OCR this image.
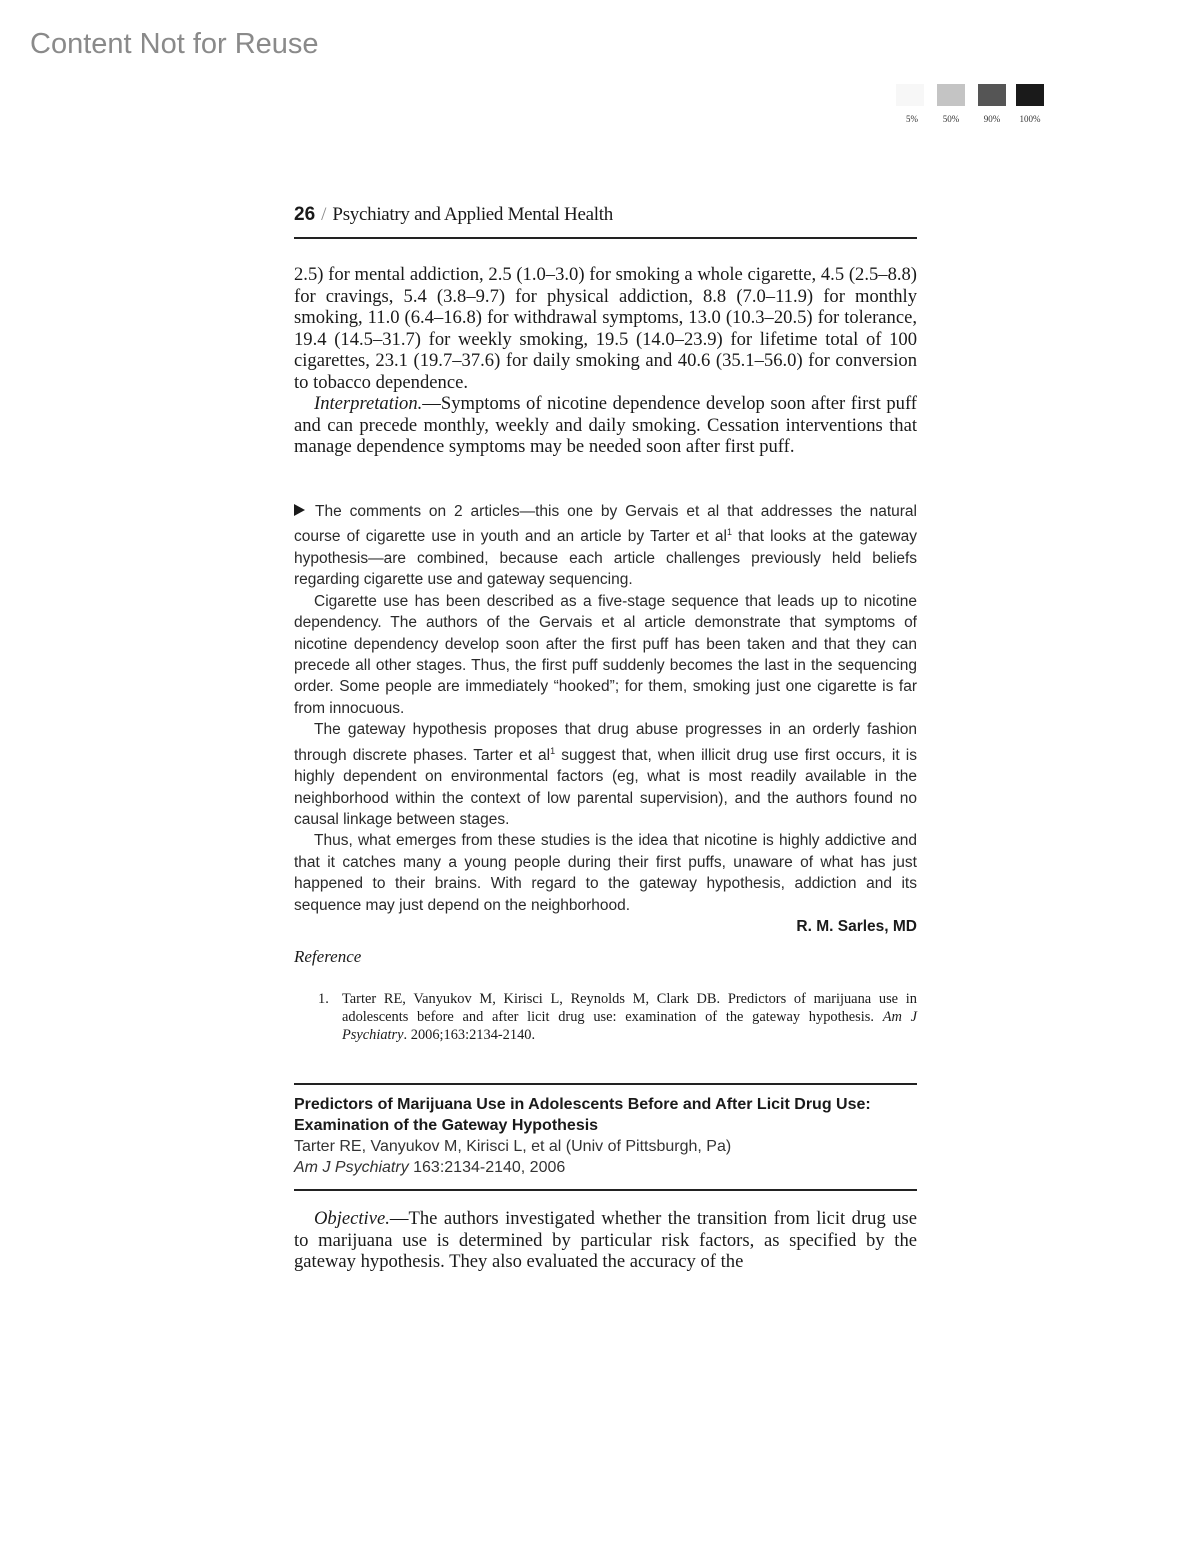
Content Not for Reuse
5%	50%	90%	100%
26 / Psychiatry and Applied Mental Health

2.5) for mental addiction, 2.5 (1.0–3.0) for smoking a whole cigarette, 4.5 (2.5–8.8) for cravings, 5.4 (3.8–9.7) for physical addiction, 8.8 (7.0–11.9) for monthly smoking, 11.0 (6.4–16.8) for withdrawal symptoms, 13.0 (10.3–20.5) for tolerance, 19.4 (14.5–31.7) for weekly smoking, 19.5 (14.0–23.9) for lifetime total of 100 cigarettes, 23.1 (19.7–37.6) for daily smoking and 40.6 (35.1–56.0) for conversion to tobacco dependence.

Interpretation.—Symptoms of nicotine dependence develop soon after first puff and can precede monthly, weekly and daily smoking. Cessation interventions that manage dependence symptoms may be needed soon after first puff.

The comments on 2 articles—this one by Gervais et al that addresses the natural course of cigarette use in youth and an article by Tarter et $al^1$ that looks at the gateway hypothesis—are combined, because each article challenges previously held beliefs regarding cigarette use and gateway sequencing.

Cigarette use has been described as a five-stage sequence that leads up to nicotine dependency. The authors of the Gervais et al article demonstrate that symptoms of nicotine dependency develop soon after the first puff has been taken and that they can precede all other stages. Thus, the first puff suddenly becomes the last in the sequencing order. Some people are immediately “hooked”; for them, smoking just one cigarette is far from innocuous.

The gateway hypothesis proposes that drug abuse progresses in an orderly fashion through discrete phases. Tarter et $al^1$ suggest that, when illicit drug use first occurs, it is highly dependent on environmental factors (eg, what is most readily available in the neighborhood within the context of low parental supervision), and the authors found no causal linkage between stages.

Thus, what emerges from these studies is the idea that nicotine is highly addictive and that it catches many a young people during their first puffs, unaware of what has just happened to their brains. With regard to the gateway hypothesis, addiction and its sequence may just depend on the neighborhood.

R. M. Sarles, MD
Reference
1. Tarter RE, Vanyukov M, Kirisci L, Reynolds M, Clark DB. Predictors of marijuana use in adolescents before and after licit drug use: examination of the gateway hypothesis. Am J Psychiatry. 2006;163:2134-2140.
Predictors of Marijuana Use in Adolescents Before and After Licit Drug Use: Examination of the Gateway Hypothesis
Tarter RE, Vanyukov M, Kirisci L, et al (Univ of Pittsburgh, Pa)
Am J Psychiatry 163:2134-2140, 2006

Objective.—The authors investigated whether the transition from licit drug use to marijuana use is determined by particular risk factors, as specified by the gateway hypothesis. They also evaluated the accuracy of the
